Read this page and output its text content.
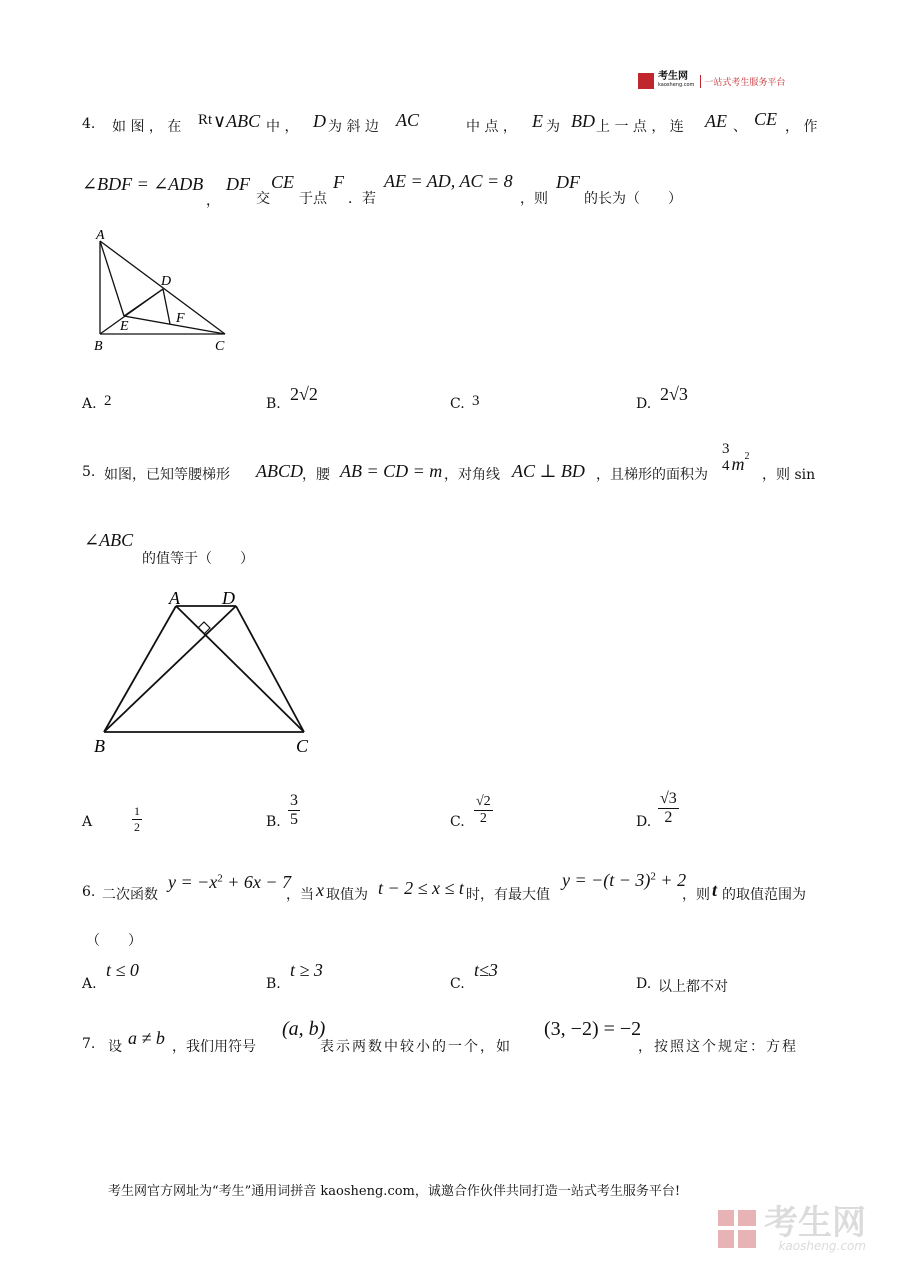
考生网
kaosheng.com	一站式考生服务平台
4. 如 图 ， 在 Rt ∨ABC 中 ， D 为 斜 边 AC	中 点 ， E 为 BD 上 一 点 ， 连 AE 、 CE ， 作
∠BDF = ∠ADB
，
DF
交
CE
于点
F
．若
AE = AD, AC = 8
，则
DF
的长为（　　）
A
B	C
D
E
F
A. 2	B. 2√2	C. 3	D. 2√3
5. 如图，已知等腰梯形 ABCD ，腰 AB = CD = m ，对角线 AC ⊥ BD ，且梯形的面积为
3
4 $m^2$
，则 sin
∠ABC
的值等于（　　）
A D
B	C
A	$\frac{1}{2}$	B. $\frac{3}{5}$	C. $\frac{√2}{2}$	D. $\frac{√3}{2}$
6. 二次函数
$y = -x^2 + 6x - 7$
，当 x 取值为 t − 2 ≤ x ≤ t 时，有最大值
$y = -(t - 3)^2 + 2$
，则 t 的取值范围为
（　　）
A.
t ≤ 0
B.
t ≥ 3
C.
t≤3
D. 以上都不对
7. 设 a ≠ b ，我们用符号
(a, b)
表示两数中较小的一个，如
(3, −2) = −2
，按照这个规定：方程
考生网官方网址为“考生”通用词拼音 kaosheng.com，诚邀合作伙伴共同打造一站式考生服务平台!
考生网
kaosheng.com
